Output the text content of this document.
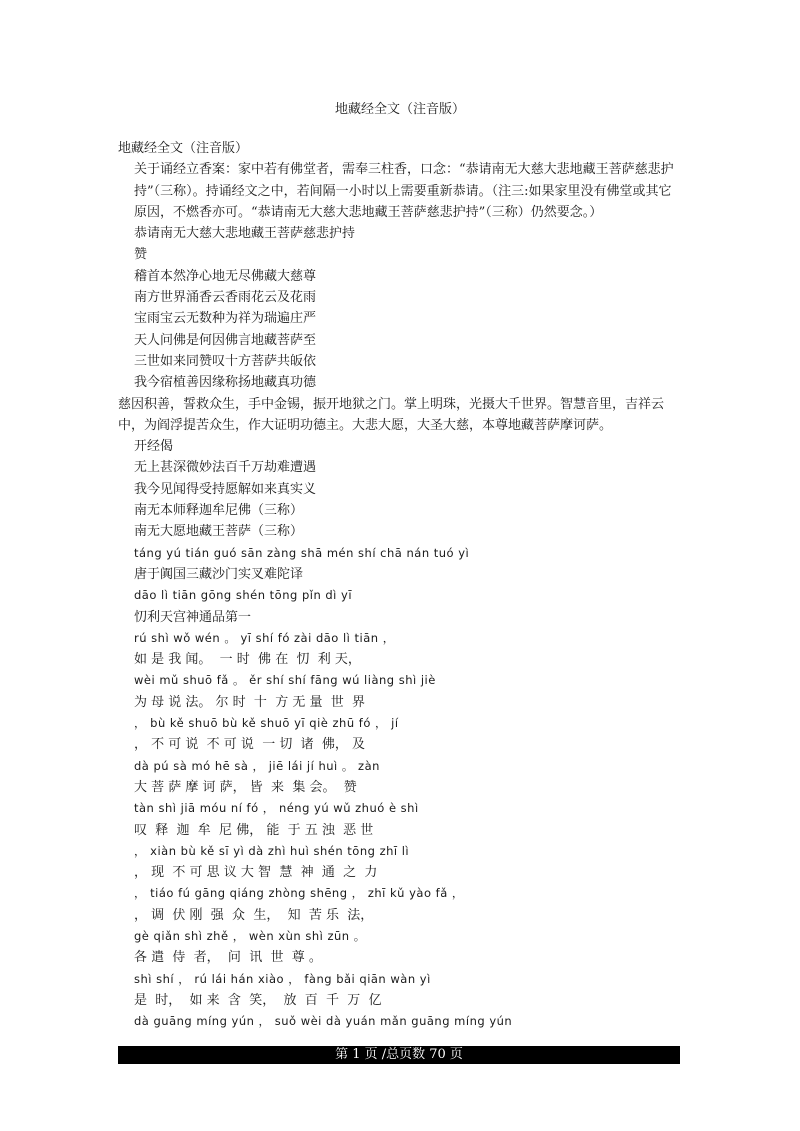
地藏经全文（注音版）
地藏经全文（注音版）
关于诵经立香案：家中若有佛堂者，需奉三柱香，口念：“恭请南无大慈大悲地藏王菩萨慈悲护持”（三称）。持诵经文之中，若间隔一小时以上需要重新恭请。（注三:如果家里没有佛堂或其它原因，不燃香亦可。“恭请南无大慈大悲地藏王菩萨慈悲护持”（三称）仍然要念。）
恭请南无大慈大悲地藏王菩萨慈悲护持
赞
稽首本然净心地无尽佛藏大慈尊
南方世界涌香云香雨花云及花雨
宝雨宝云无数种为祥为瑞遍庄严
天人问佛是何因佛言地藏菩萨至
三世如来同赞叹十方菩萨共皈依
我今宿植善因缘称扬地藏真功德
慈因积善，誓救众生，手中金锡，振开地狱之门。掌上明珠，光摄大千世界。智慧音里，吉祥云中，为阎浮提苦众生，作大证明功德主。大悲大愿，大圣大慈，本尊地藏菩萨摩诃萨。
开经偈
无上甚深微妙法百千万劫难遭遇
我今见闻得受持愿解如来真实义
南无本师释迦牟尼佛（三称）
南无大愿地藏王菩萨（三称）
táng yú tián guó sān zàng shā mén shí chā nán tuó yì
唐于阗国三藏沙门实叉难陀译
dāo lì tiān gōng shén tōng pǐn dì yī
忉利天宫神通品第一
rú shì wǒ wén 。 yī shí fó zài dāo lì tiān ，
如 是 我 闻。  一 时  佛 在  忉  利 天，
wèi mǔ shuō fǎ 。 ěr shí shí fāng wú liàng shì jiè
为 母 说 法。 尔 时  十  方 无 量  世  界
， bù kě shuō bù kě shuō yī qiè zhū fó ， jí
， 不 可 说  不 可 说  一 切  诸  佛， 及
dà pú sà mó hē sà ， jiē lái jí huì 。 zàn
大 菩 萨 摩 诃 萨， 皆  来  集 会。  赞
tàn shì jiā móu ní fó ， néng yú wǔ zhuó è shì
叹  释  迦  牟  尼 佛， 能  于 五 浊  恶 世
， xiàn bù kě sī yì dà zhì huì shén tōng zhī lì
， 现  不 可 思 议 大 智  慧  神  通  之  力
， tiáo fú gāng qiáng zhòng shēng ， zhī kǔ yào fǎ ，
， 调  伏 刚  强  众  生，  知  苦 乐  法，
gè qiǎn shì zhě ， wèn xùn shì zūn 。
各 遣  侍  者，  问  讯  世  尊 。
shì shí ， rú lái hán xiào ， fàng bǎi qiān wàn yì
是  时，  如 来  含  笑，  放  百  千  万  亿
dà guāng míng yún ， suǒ wèi dà yuán mǎn guāng míng yún
第 1 页 /总页数 70 页
